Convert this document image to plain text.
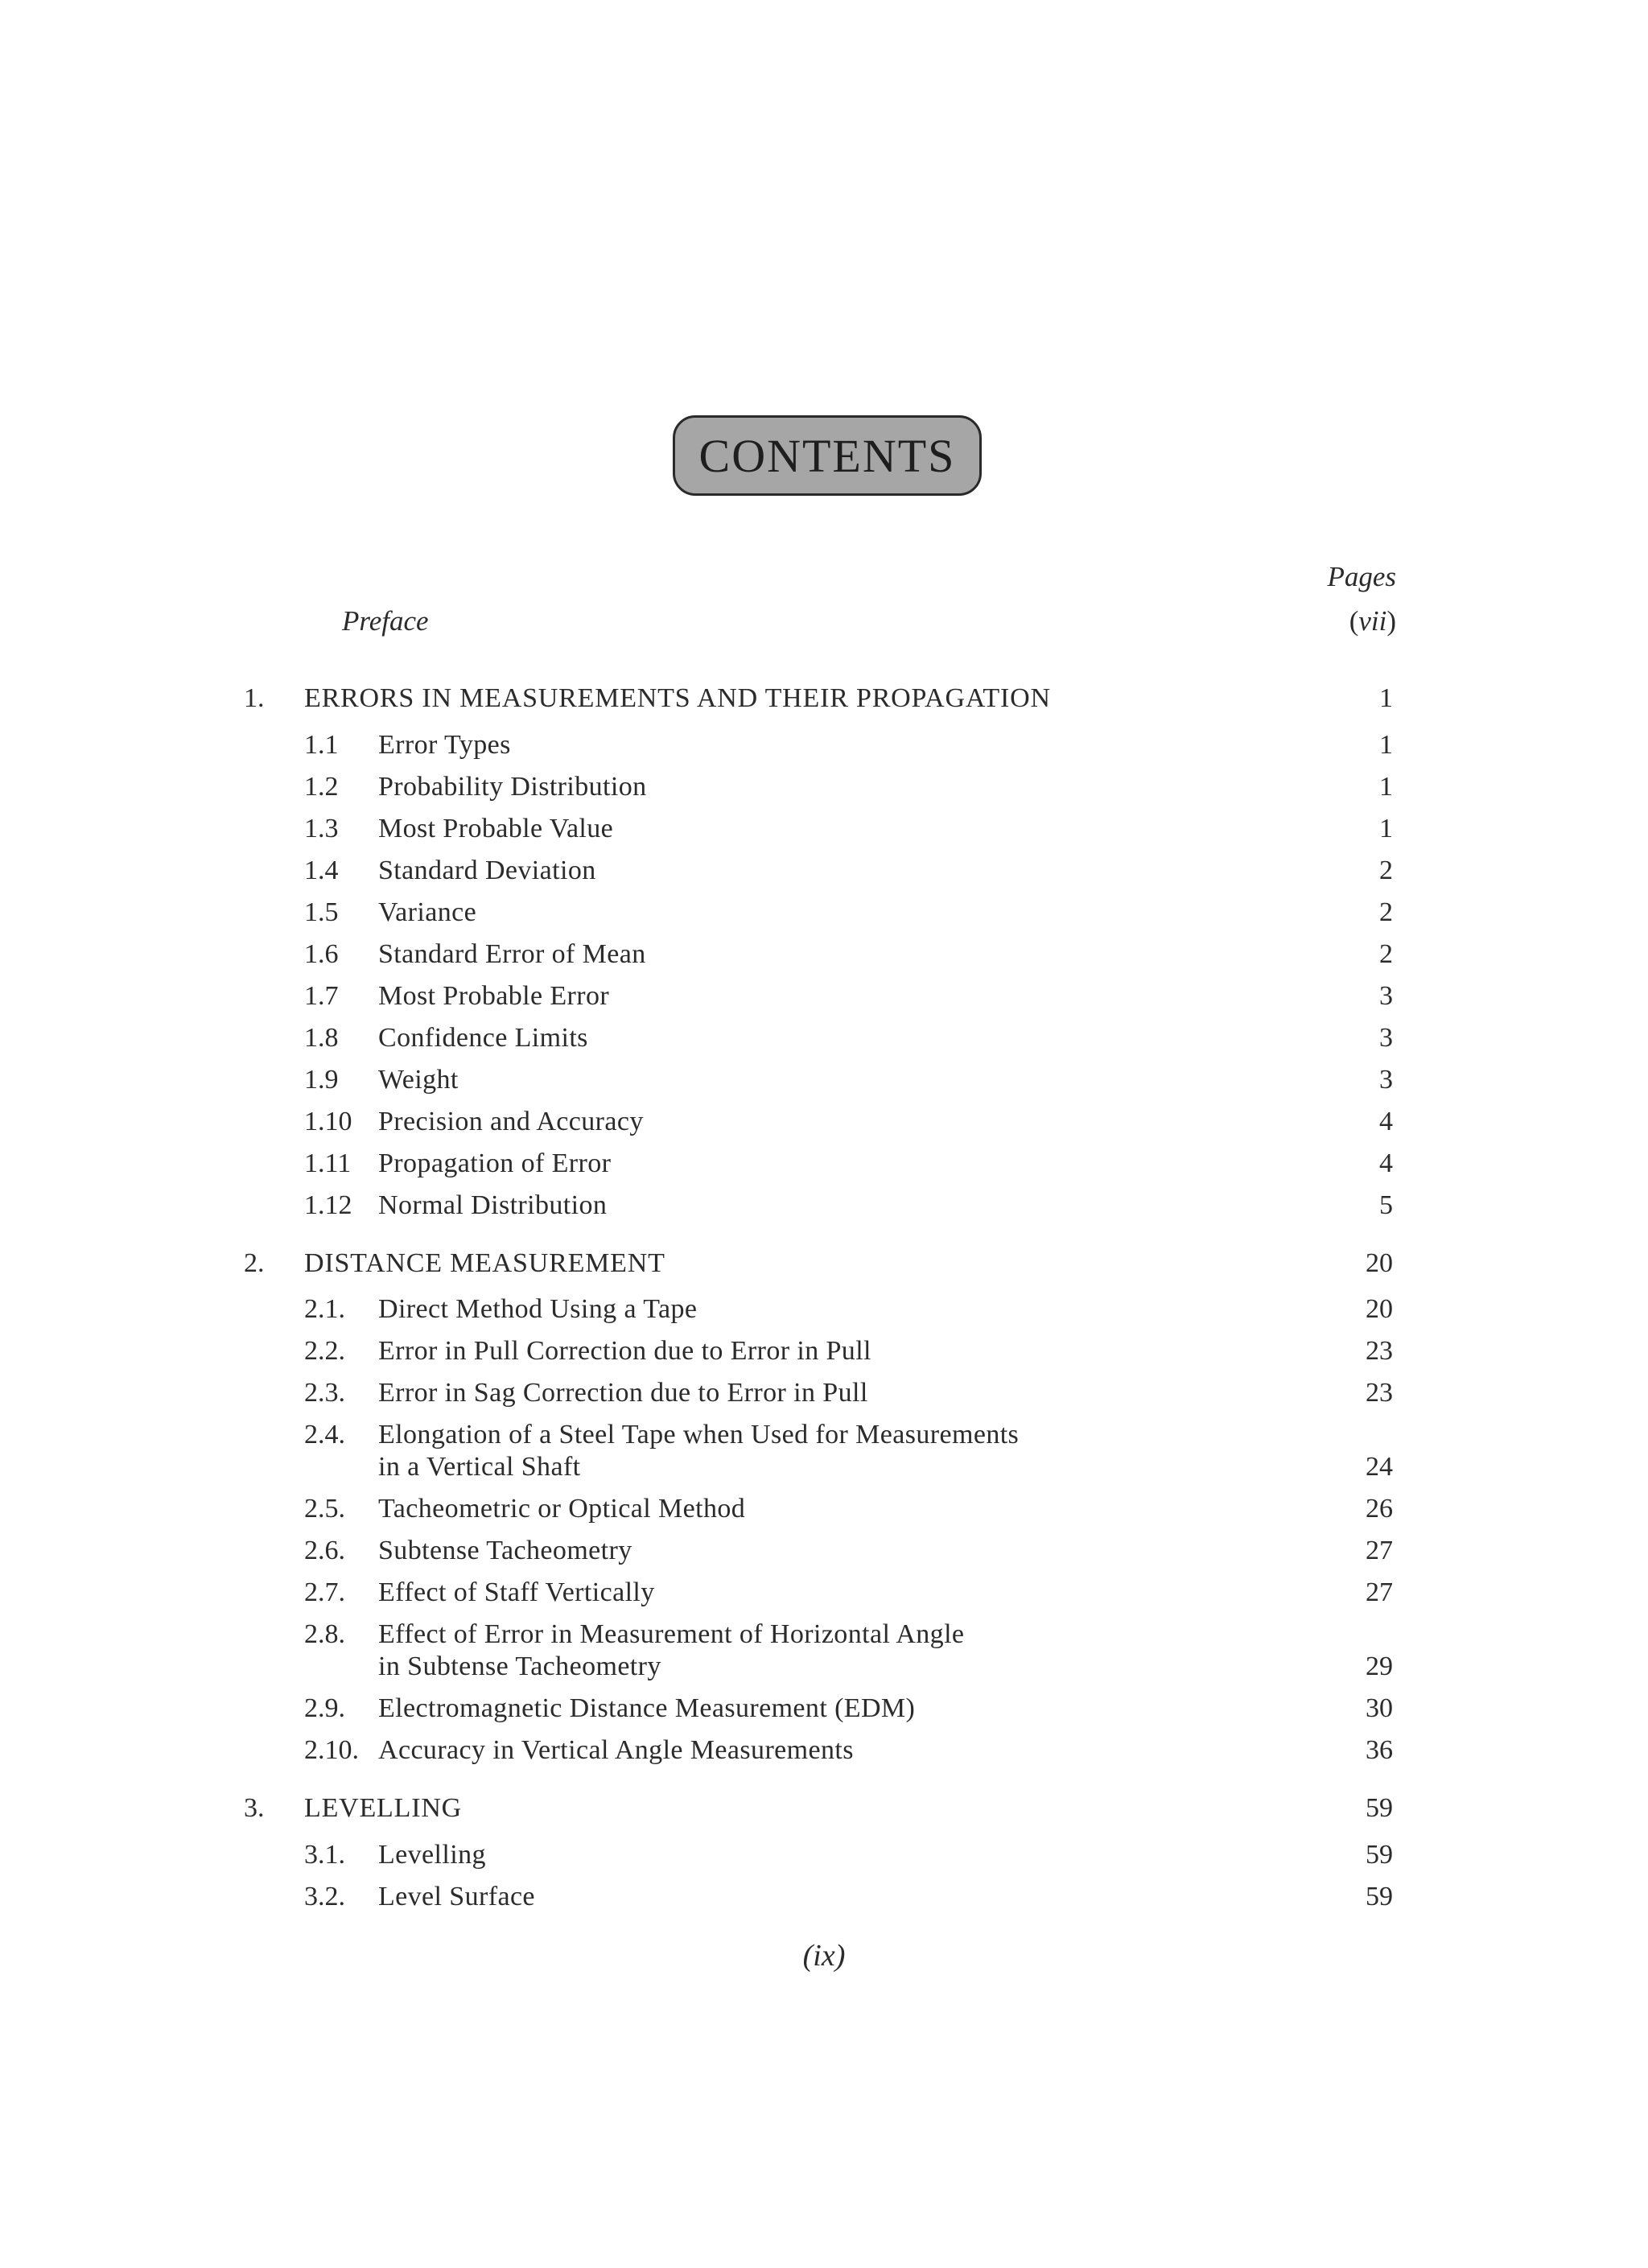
CONTENTS
Pages
Preface	(vii)
1. ERRORS IN MEASUREMENTS AND THEIR PROPAGATION	1
1.1 Error Types	1
1.2 Probability Distribution	1
1.3 Most Probable Value	1
1.4 Standard Deviation	2
1.5 Variance	2
1.6 Standard Error of Mean	2
1.7 Most Probable Error	3
1.8 Confidence Limits	3
1.9 Weight	3
1.10 Precision and Accuracy	4
1.11 Propagation of Error	4
1.12 Normal Distribution	5
2. DISTANCE MEASUREMENT	20
2.1. Direct Method Using a Tape	20
2.2. Error in Pull Correction due to Error in Pull	23
2.3. Error in Sag Correction due to Error in Pull	23
2.4. Elongation of a Steel Tape when Used for Measurements
in a Vertical Shaft	24
2.5. Tacheometric or Optical Method	26
2.6. Subtense Tacheometry	27
2.7. Effect of Staff Vertically	27
2.8. Effect of Error in Measurement of Horizontal Angle
in Subtense Tacheometry	29
2.9. Electromagnetic Distance Measurement (EDM)	30
2.10. Accuracy in Vertical Angle Measurements	36
3. LEVELLING	59
3.1. Levelling	59
3.2. Level Surface	59
(ix)
